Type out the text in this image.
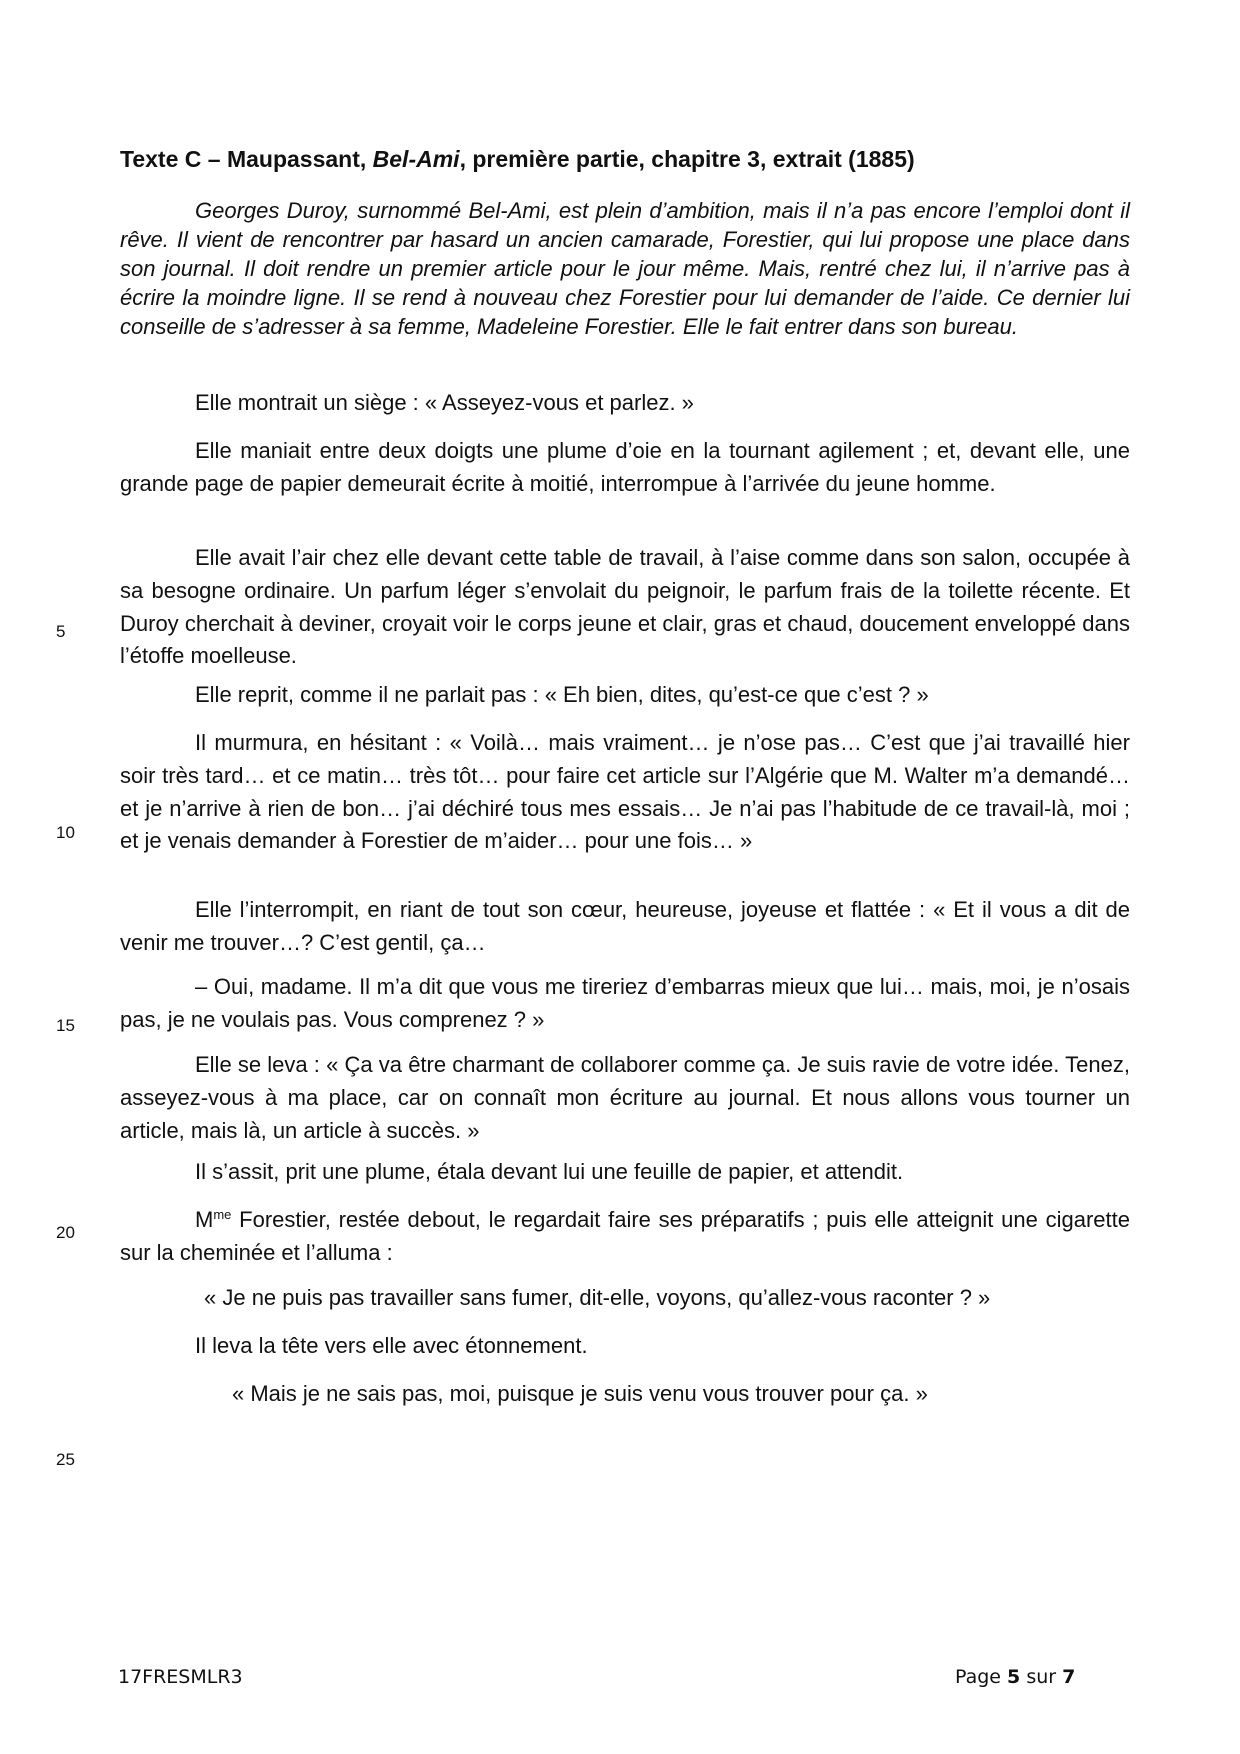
Texte C – Maupassant, Bel-Ami, première partie, chapitre 3, extrait (1885)

Georges Duroy, surnommé Bel-Ami, est plein d’ambition, mais il n’a pas encore l’emploi dont il rêve. Il vient de rencontrer par hasard un ancien camarade, Forestier, qui lui propose une place dans son journal. Il doit rendre un premier article pour le jour même. Mais, rentré chez lui, il n’arrive pas à écrire la moindre ligne. Il se rend à nouveau chez Forestier pour lui demander de l’aide. Ce dernier lui conseille de s’adresser à sa femme, Madeleine Forestier. Elle le fait entrer dans son bureau.

Elle montrait un siège : « Asseyez-vous et parlez. »

Elle maniait entre deux doigts une plume d’oie en la tournant agilement ; et, devant elle, une grande page de papier demeurait écrite à moitié, interrompue à l’arrivée du jeune homme.

Elle avait l’air chez elle devant cette table de travail, à l’aise comme dans son salon, occupée à sa besogne ordinaire. Un parfum léger s’envolait du peignoir, le parfum frais de la toilette récente. Et Duroy cherchait à deviner, croyait voir le corps jeune et clair, gras et chaud, doucement enveloppé dans l’étoffe moelleuse.

Elle reprit, comme il ne parlait pas : « Eh bien, dites, qu’est-ce que c’est ? »

Il murmura, en hésitant : « Voilà… mais vraiment… je n’ose pas… C’est que j’ai travaillé hier soir très tard… et ce matin… très tôt… pour faire cet article sur l’Algérie que M. Walter m’a demandé… et je n’arrive à rien de bon… j’ai déchiré tous mes essais… Je n’ai pas l’habitude de ce travail-là, moi ; et je venais demander à Forestier de m’aider… pour une fois… »

Elle l’interrompit, en riant de tout son cœur, heureuse, joyeuse et flattée : « Et il vous a dit de venir me trouver…? C’est gentil, ça…

– Oui, madame. Il m’a dit que vous me tireriez d’embarras mieux que lui… mais, moi, je n’osais pas, je ne voulais pas. Vous comprenez ? »

Elle se leva : « Ça va être charmant de collaborer comme ça. Je suis ravie de votre idée. Tenez, asseyez-vous à ma place, car on connaît mon écriture au journal. Et nous allons vous tourner un article, mais là, un article à succès. »

Il s’assit, prit une plume, étala devant lui une feuille de papier, et attendit.

$M^{me}$ Forestier, restée debout, le regardait faire ses préparatifs ; puis elle atteignit une cigarette sur la cheminée et l’alluma :

« Je ne puis pas travailler sans fumer, dit-elle, voyons, qu’allez-vous raconter ? »

Il leva la tête vers elle avec étonnement.

« Mais je ne sais pas, moi, puisque je suis venu vous trouver pour ça. »

5
10
15
20
25
17FRESMLR3	Page 5 sur 7
